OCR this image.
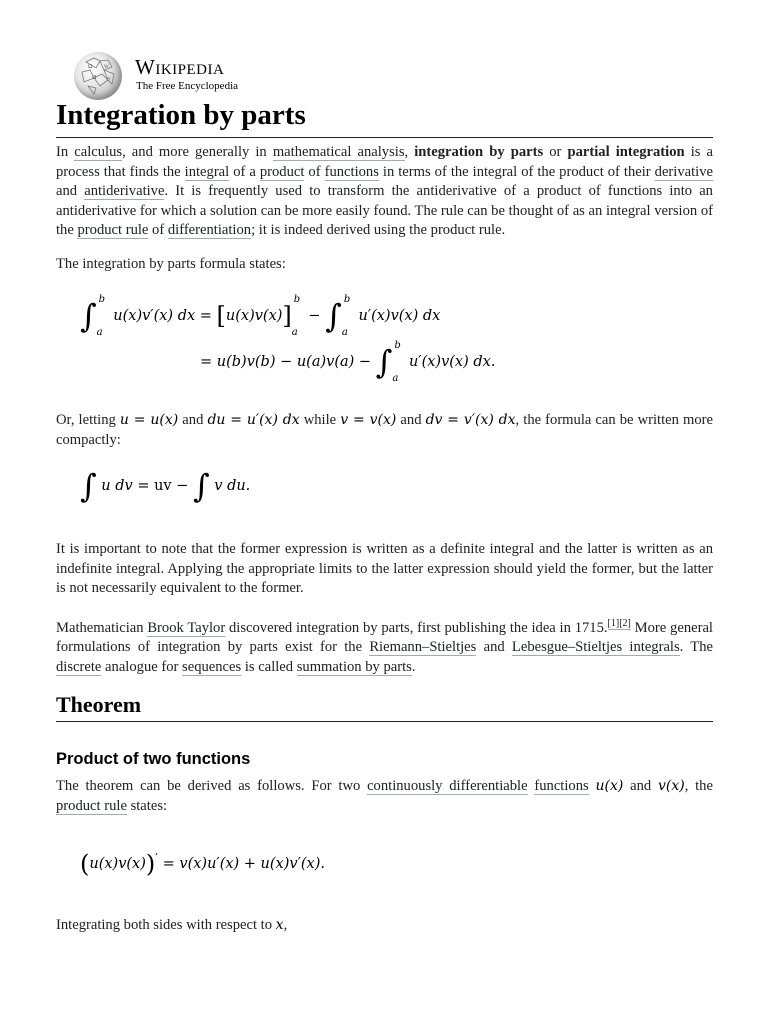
Ω W
И ウ
Wikipedia
The Free Encyclopedia
Integration by parts

In calculus, and more generally in mathematical analysis, integration by parts or partial integration is a process that finds the integral of a product of functions in terms of the integral of the product of their derivative and antiderivative. It is frequently used to transform the antiderivative of a product of functions into an antiderivative for which a solution can be more easily found. The rule can be thought of as an integral version of the product rule of differentiation; it is indeed derived using the product rule.

The integration by parts formula states:

∫ b
a
u(x)v′(x) dx = [u(x)v(x)]
b
a
− ∫ b
a
u′(x)v(x) dx
= u(b)v(b) − u(a)v(a) − ∫ b
a
u′(x)v(x) dx.

Or, letting u = u(x) and du = u′(x) dx while v = v(x) and dv = v′(x) dx, the formula can be written more compactly:

∫ u dv = uv − ∫ v du.

It is important to note that the former expression is written as a definite integral and the latter is written as an indefinite integral. Applying the appropriate limits to the latter expression should yield the former, but the latter is not necessarily equivalent to the former.

Mathematician Brook Taylor discovered integration by parts, first publishing the idea in 1715.[1][2] More general formulations of integration by parts exist for the Riemann–Stieltjes and Lebesgue–Stieltjes integrals. The discrete analogue for sequences is called summation by parts.

Theorem
Product of two functions

The theorem can be derived as follows. For two continuously differentiable functions u(x) and v(x), the product rule states:

(u(x)v(x))′ = v(x)u′(x) + u(x)v′(x).

Integrating both sides with respect to x,
